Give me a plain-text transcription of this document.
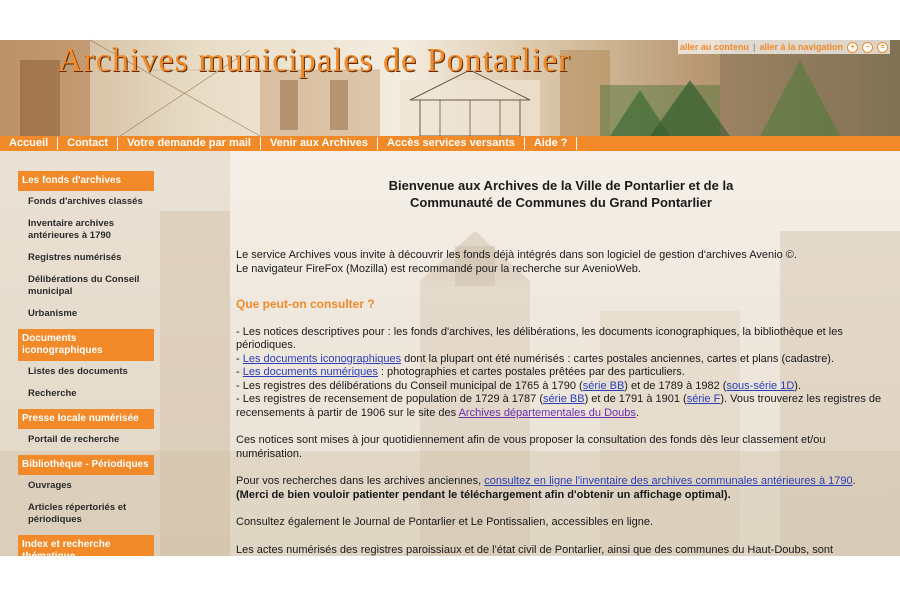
Archives municipales de Pontarlier	aller au contenu | aller à la navigation	+	−	=
Accueil	Contact	Votre demande par mail	Venir aux Archives	Accès services versants	Aide ?
Les fonds d'archives
Fonds d'archives classés
Inventaire archives antérieures à 1790
Registres numérisés
Délibérations du Conseil municipal
Urbanisme
Documents iconographiques
Listes des documents
Recherche
Presse locale numérisée
Portail de recherche
Bibliothèque - Périodiques
Ouvrages
Articles répertoriés et périodiques
Index et recherche
Bienvenue aux Archives de la Ville de Pontarlier et de la
Communauté de Communes du Grand Pontarlier

Le service Archives vous invite à découvrir les fonds déjà intégrés dans son logiciel de gestion d'archives Avenio ©.
Le navigateur FireFox (Mozilla) est recommandé pour la recherche sur AvenioWeb.

Que peut-on consulter ?

- Les notices descriptives pour : les fonds d'archives, les délibérations, les documents iconographiques, la bibliothèque et les périodiques.
- Les documents iconographiques dont la plupart ont été numérisés : cartes postales anciennes, cartes et plans (cadastre).
- Les documents numériques : photographies et cartes postales prêtées par des particuliers.
- Les registres des délibérations du Conseil municipal de 1765 à 1790 (série BB) et de 1789 à 1982 (sous-série 1D).
- Les registres de recensement de population de 1729 à 1787 (série BB) et de 1791 à 1901 (série F). Vous trouverez les registres de recensements à partir de 1906 sur le site des Archives départementales du Doubs.

Ces notices sont mises à jour quotidiennement afin de vous proposer la consultation des fonds dès leur classement et/ou numérisation.

Pour vos recherches dans les archives anciennes, consultez en ligne l'inventaire des archives communales antérieures à 1790. (Merci de bien vouloir patienter pendant le téléchargement afin d'obtenir un affichage optimal).

Consultez également le Journal de Pontarlier et Le Pontissalien, accessibles en ligne.

Les actes numérisés des registres paroissiaux et de l'état civil de Pontarlier, ainsi que des communes du Haut-Doubs, sont
